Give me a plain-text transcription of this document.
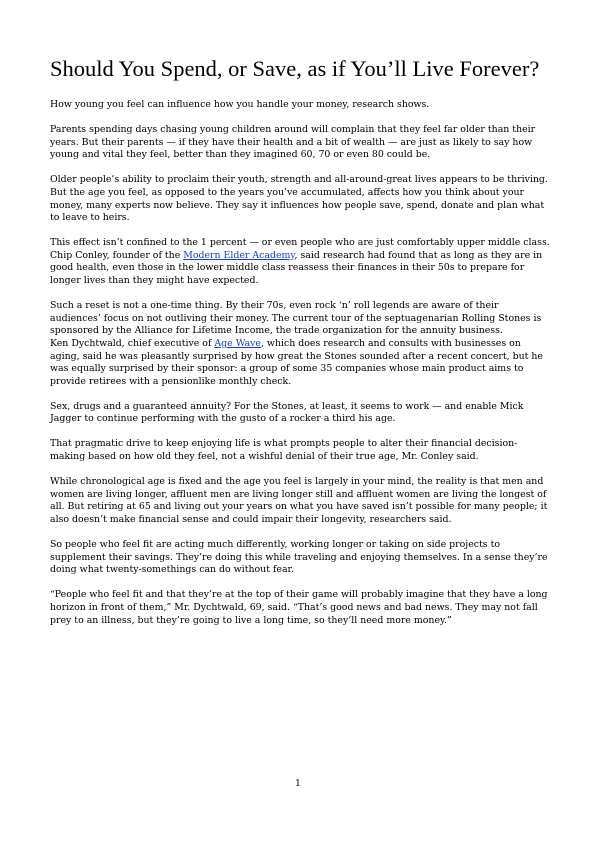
Should You Spend, or Save, as if You’ll Live Forever?

How young you feel can influence how you handle your money, research shows.

Parents spending days chasing young children around will complain that they feel far older than their years. But their parents — if they have their health and a bit of wealth — are just as likely to say how young and vital they feel, better than they imagined 60, 70 or even 80 could be.

Older people’s ability to proclaim their youth, strength and all-around-great lives appears to be thriving. But the age you feel, as opposed to the years you’ve accumulated, affects how you think about your money, many experts now believe. They say it influences how people save, spend, donate and plan what to leave to heirs.

This effect isn’t confined to the 1 percent — or even people who are just comfortably upper middle class. Chip Conley, founder of the Modern Elder Academy, said research had found that as long as they are in good health, even those in the lower middle class reassess their finances in their 50s to prepare for longer lives than they might have expected.

Such a reset is not a one-time thing. By their 70s, even rock ‘n’ roll legends are aware of their audiences’ focus on not outliving their money. The current tour of the septuagenarian Rolling Stones is sponsored by the Alliance for Lifetime Income, the trade organization for the annuity business.

Ken Dychtwald, chief executive of Age Wave, which does research and consults with businesses on aging, said he was pleasantly surprised by how great the Stones sounded after a recent concert, but he was equally surprised by their sponsor: a group of some 35 companies whose main product aims to provide retirees with a pensionlike monthly check.

Sex, drugs and a guaranteed annuity? For the Stones, at least, it seems to work — and enable Mick Jagger to continue performing with the gusto of a rocker a third his age.

That pragmatic drive to keep enjoying life is what prompts people to alter their financial decision-making based on how old they feel, not a wishful denial of their true age, Mr. Conley said.

While chronological age is fixed and the age you feel is largely in your mind, the reality is that men and women are living longer, affluent men are living longer still and affluent women are living the longest of all. But retiring at 65 and living out your years on what you have saved isn’t possible for many people; it also doesn’t make financial sense and could impair their longevity, researchers said.

So people who feel fit are acting much differently, working longer or taking on side projects to supplement their savings. They’re doing this while traveling and enjoying themselves. In a sense they’re doing what twenty-somethings can do without fear.

“People who feel fit and that they’re at the top of their game will probably imagine that they have a long horizon in front of them,” Mr. Dychtwald, 69, said. “That’s good news and bad news. They may not fall prey to an illness, but they’re going to live a long time, so they’ll need more money.”

1
